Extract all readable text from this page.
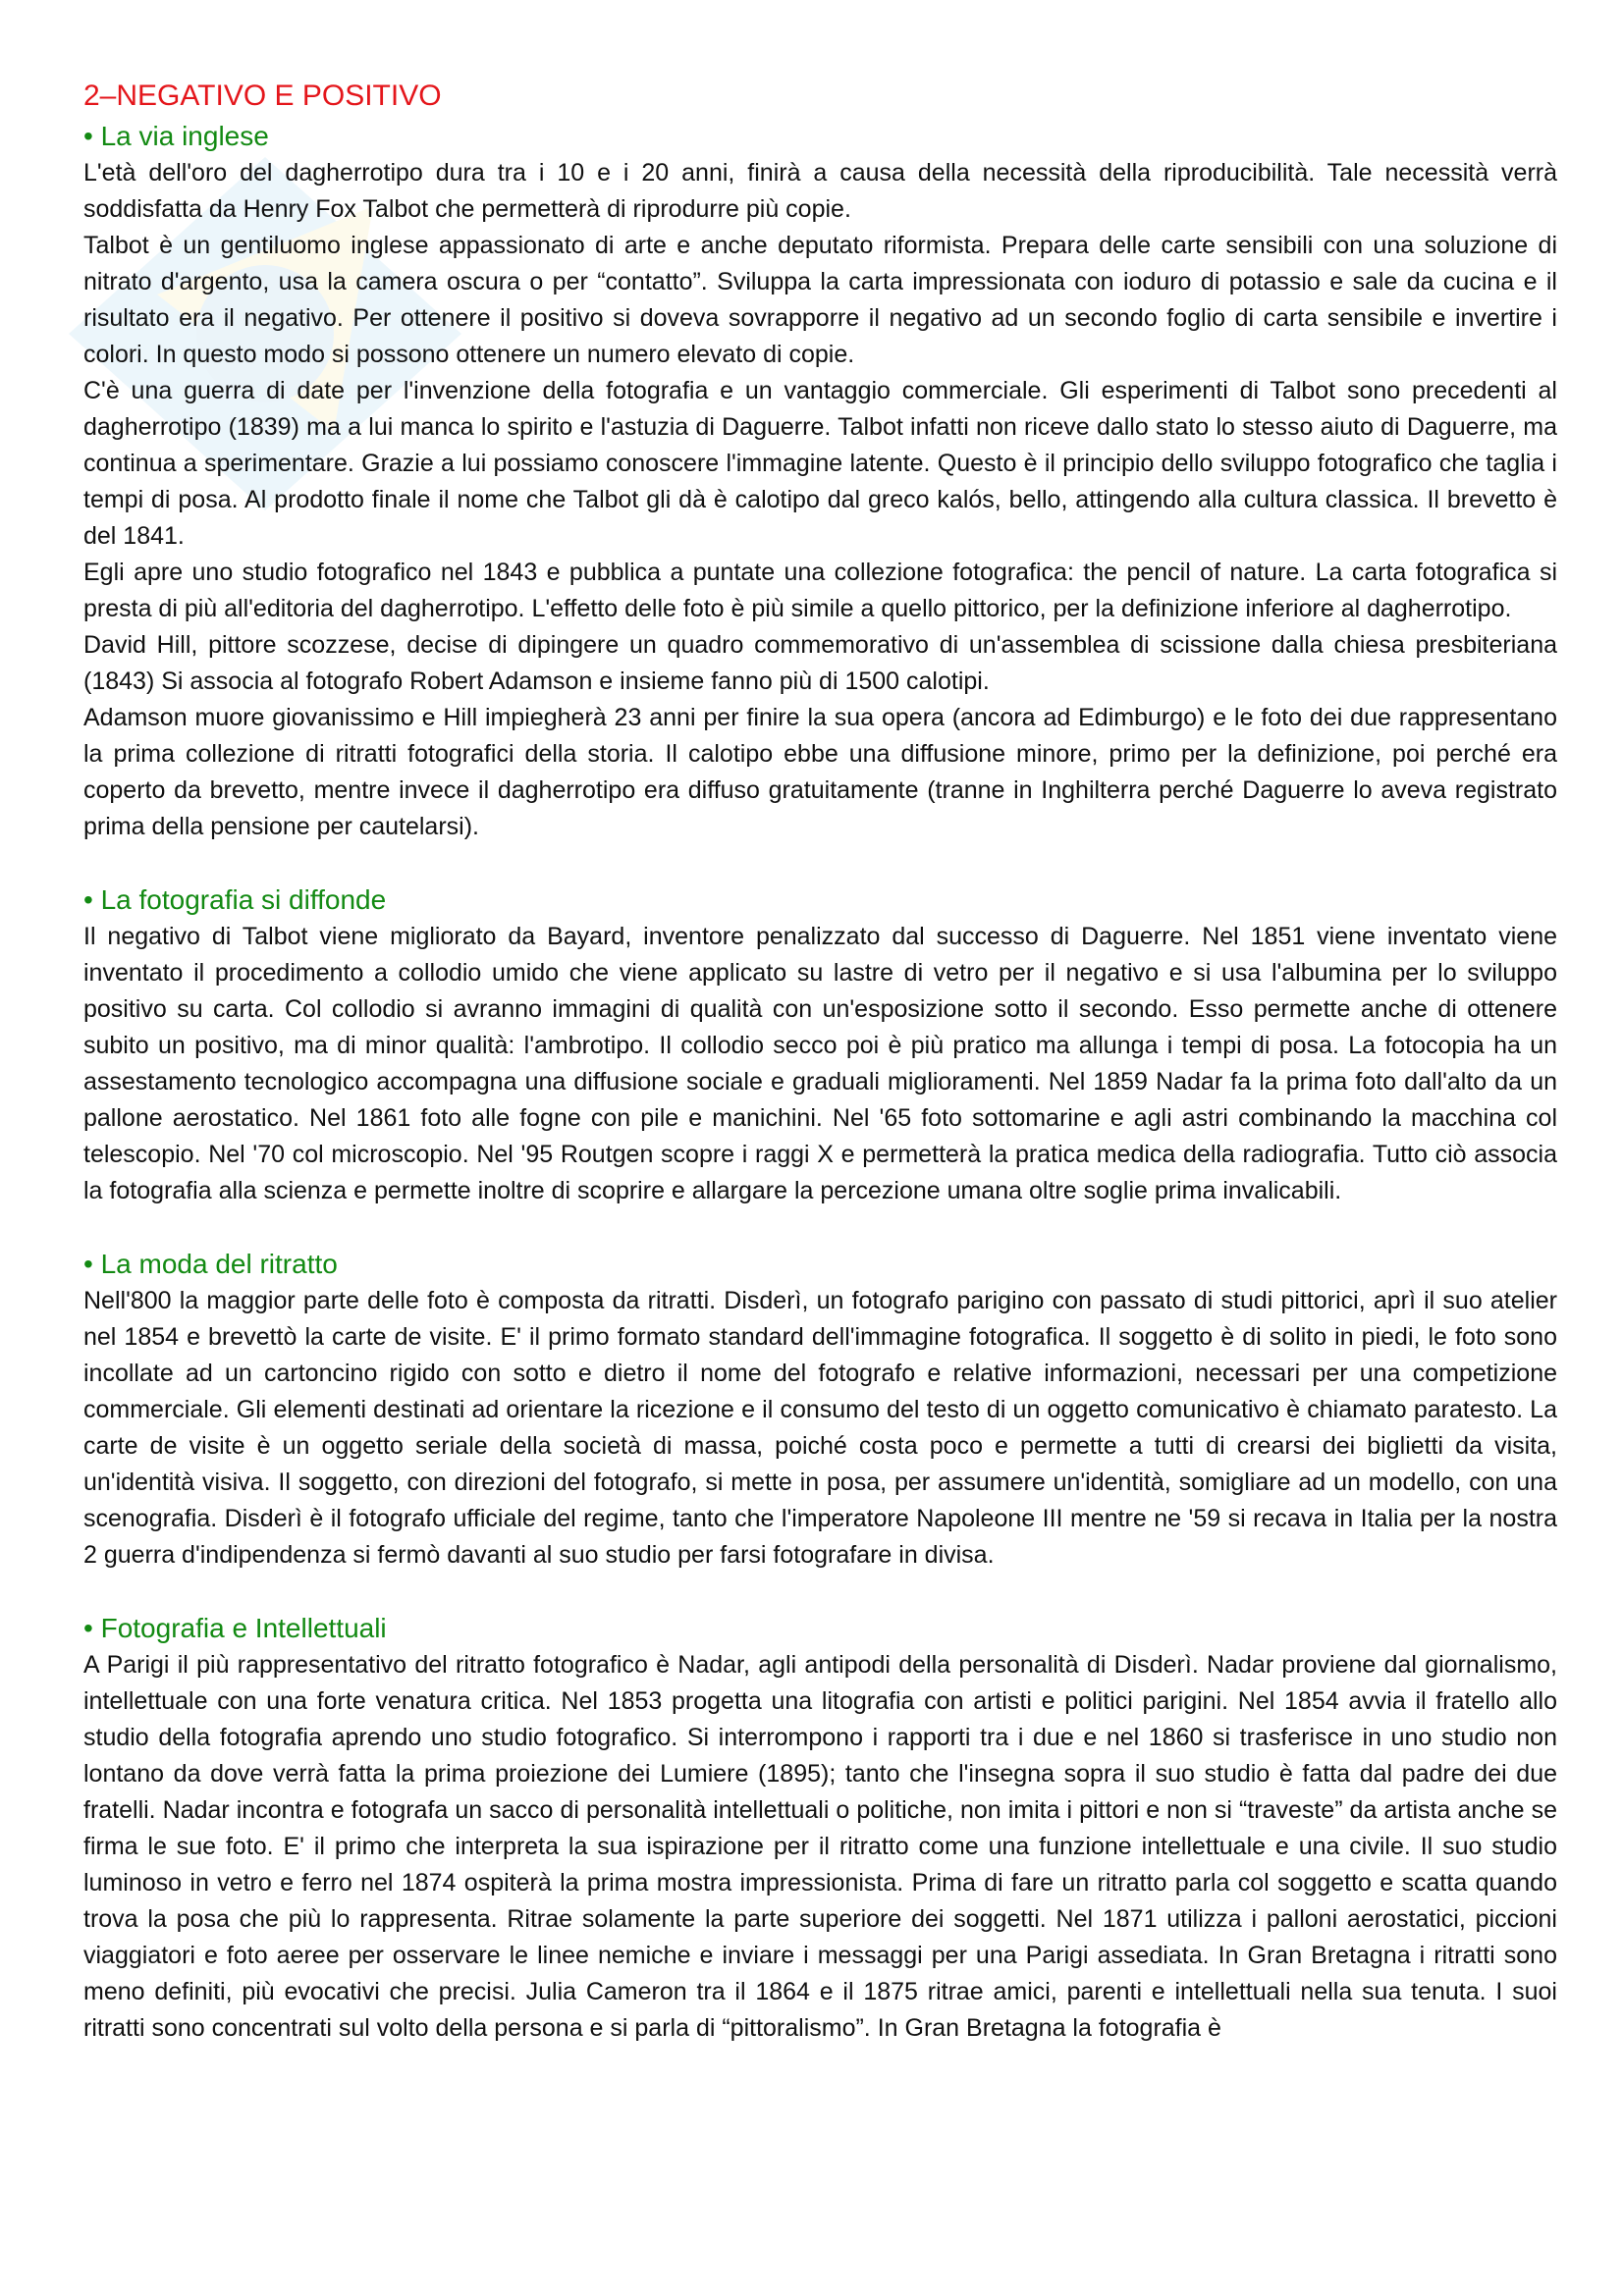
2–NEGATIVO E POSITIVO
• La via inglese

L'età dell'oro del dagherrotipo dura tra i 10 e i 20 anni, finirà a causa della necessità della riproducibilità. Tale necessità verrà soddisfatta da Henry Fox Talbot che permetterà di riprodurre più copie.

Talbot è un gentiluomo inglese appassionato di arte e anche deputato riformista. Prepara delle carte sensibili con una soluzione di nitrato d'argento, usa la camera oscura o per “contatto”. Sviluppa la carta impressionata con ioduro di potassio e sale da cucina e il risultato era il negativo. Per ottenere il positivo si doveva sovrapporre il negativo ad un secondo foglio di carta sensibile e invertire i colori. In questo modo si possono ottenere un numero elevato di copie.

C'è una guerra di date per l'invenzione della fotografia e un vantaggio commerciale. Gli esperimenti di Talbot sono precedenti al dagherrotipo (1839) ma a lui manca lo spirito e l'astuzia di Daguerre. Talbot infatti non riceve dallo stato lo stesso aiuto di Daguerre, ma continua a sperimentare. Grazie a lui possiamo conoscere l'immagine latente. Questo è il principio dello sviluppo fotografico che taglia i tempi di posa. Al prodotto finale il nome che Talbot gli dà è calotipo dal greco kalós, bello, attingendo alla cultura classica. Il brevetto è del 1841.

Egli apre uno studio fotografico nel 1843 e pubblica a puntate una collezione fotografica: the pencil of nature. La carta fotografica si presta di più all'editoria del dagherrotipo. L'effetto delle foto è più simile a quello pittorico, per la definizione inferiore al dagherrotipo.

David Hill, pittore scozzese, decise di dipingere un quadro commemorativo di un'assemblea di scissione dalla chiesa presbiteriana (1843) Si associa al fotografo Robert Adamson e insieme fanno più di 1500 calotipi.

Adamson muore giovanissimo e Hill impiegherà 23 anni per finire la sua opera (ancora ad Edimburgo) e le foto dei due rappresentano la prima collezione di ritratti fotografici della storia. Il calotipo ebbe una diffusione minore, primo per la definizione, poi perché era coperto da brevetto, mentre invece il dagherrotipo era diffuso gratuitamente (tranne in Inghilterra perché Daguerre lo aveva registrato prima della pensione per cautelarsi).

• La fotografia si diffonde

Il negativo di Talbot viene migliorato da Bayard, inventore penalizzato dal successo di Daguerre. Nel 1851 viene inventato viene inventato il procedimento a collodio umido che viene applicato su lastre di vetro per il negativo e si usa l'albumina per lo sviluppo positivo su carta. Col collodio si avranno immagini di qualità con un'esposizione sotto il secondo. Esso permette anche di ottenere subito un positivo, ma di minor qualità: l'ambrotipo. Il collodio secco poi è più pratico ma allunga i tempi di posa. La fotocopia ha un assestamento tecnologico accompagna una diffusione sociale e graduali miglioramenti. Nel 1859 Nadar fa la prima foto dall'alto da un pallone aerostatico. Nel 1861 foto alle fogne con pile e manichini. Nel '65 foto sottomarine e agli astri combinando la macchina col telescopio. Nel '70 col microscopio. Nel '95 Routgen scopre i raggi X e permetterà la pratica medica della radiografia. Tutto ciò associa la fotografia alla scienza e permette inoltre di scoprire e allargare la percezione umana oltre soglie prima invalicabili.

• La moda del ritratto

Nell'800 la maggior parte delle foto è composta da ritratti. Disderì, un fotografo parigino con passato di studi pittorici, aprì il suo atelier nel 1854 e brevettò la carte de visite. E' il primo formato standard dell'immagine fotografica. Il soggetto è di solito in piedi, le foto sono incollate ad un cartoncino rigido con sotto e dietro il nome del fotografo e relative informazioni, necessari per una competizione commerciale. Gli elementi destinati ad orientare la ricezione e il consumo del testo di un oggetto comunicativo è chiamato paratesto. La carte de visite è un oggetto seriale della società di massa, poiché costa poco e permette a tutti di crearsi dei biglietti da visita, un'identità visiva. Il soggetto, con direzioni del fotografo, si mette in posa, per assumere un'identità, somigliare ad un modello, con una scenografia. Disderì è il fotografo ufficiale del regime, tanto che l'imperatore Napoleone III mentre ne '59 si recava in Italia per la nostra 2 guerra d'indipendenza si fermò davanti al suo studio per farsi fotografare in divisa.

• Fotografia e Intellettuali

A Parigi il più rappresentativo del ritratto fotografico è Nadar, agli antipodi della personalità di Disderì. Nadar proviene dal giornalismo, intellettuale con una forte venatura critica. Nel 1853 progetta una litografia con artisti e politici parigini. Nel 1854 avvia il fratello allo studio della fotografia aprendo uno studio fotografico. Si interrompono i rapporti tra i due e nel 1860 si trasferisce in uno studio non lontano da dove verrà fatta la prima proiezione dei Lumiere (1895); tanto che l'insegna sopra il suo studio è fatta dal padre dei due fratelli. Nadar incontra e fotografa un sacco di personalità intellettuali o politiche, non imita i pittori e non si “traveste” da artista anche se firma le sue foto. E' il primo che interpreta la sua ispirazione per il ritratto come una funzione intellettuale e una civile. Il suo studio luminoso in vetro e ferro nel 1874 ospiterà la prima mostra impressionista. Prima di fare un ritratto parla col soggetto e scatta quando trova la posa che più lo rappresenta. Ritrae solamente la parte superiore dei soggetti. Nel 1871 utilizza i palloni aerostatici, piccioni viaggiatori e foto aeree per osservare le linee nemiche e inviare i messaggi per una Parigi assediata. In Gran Bretagna i ritratti sono meno definiti, più evocativi che precisi. Julia Cameron tra il 1864 e il 1875 ritrae amici, parenti e intellettuali nella sua tenuta. I suoi ritratti sono concentrati sul volto della persona e si parla di “pittoralismo”. In Gran Bretagna la fotografia è
